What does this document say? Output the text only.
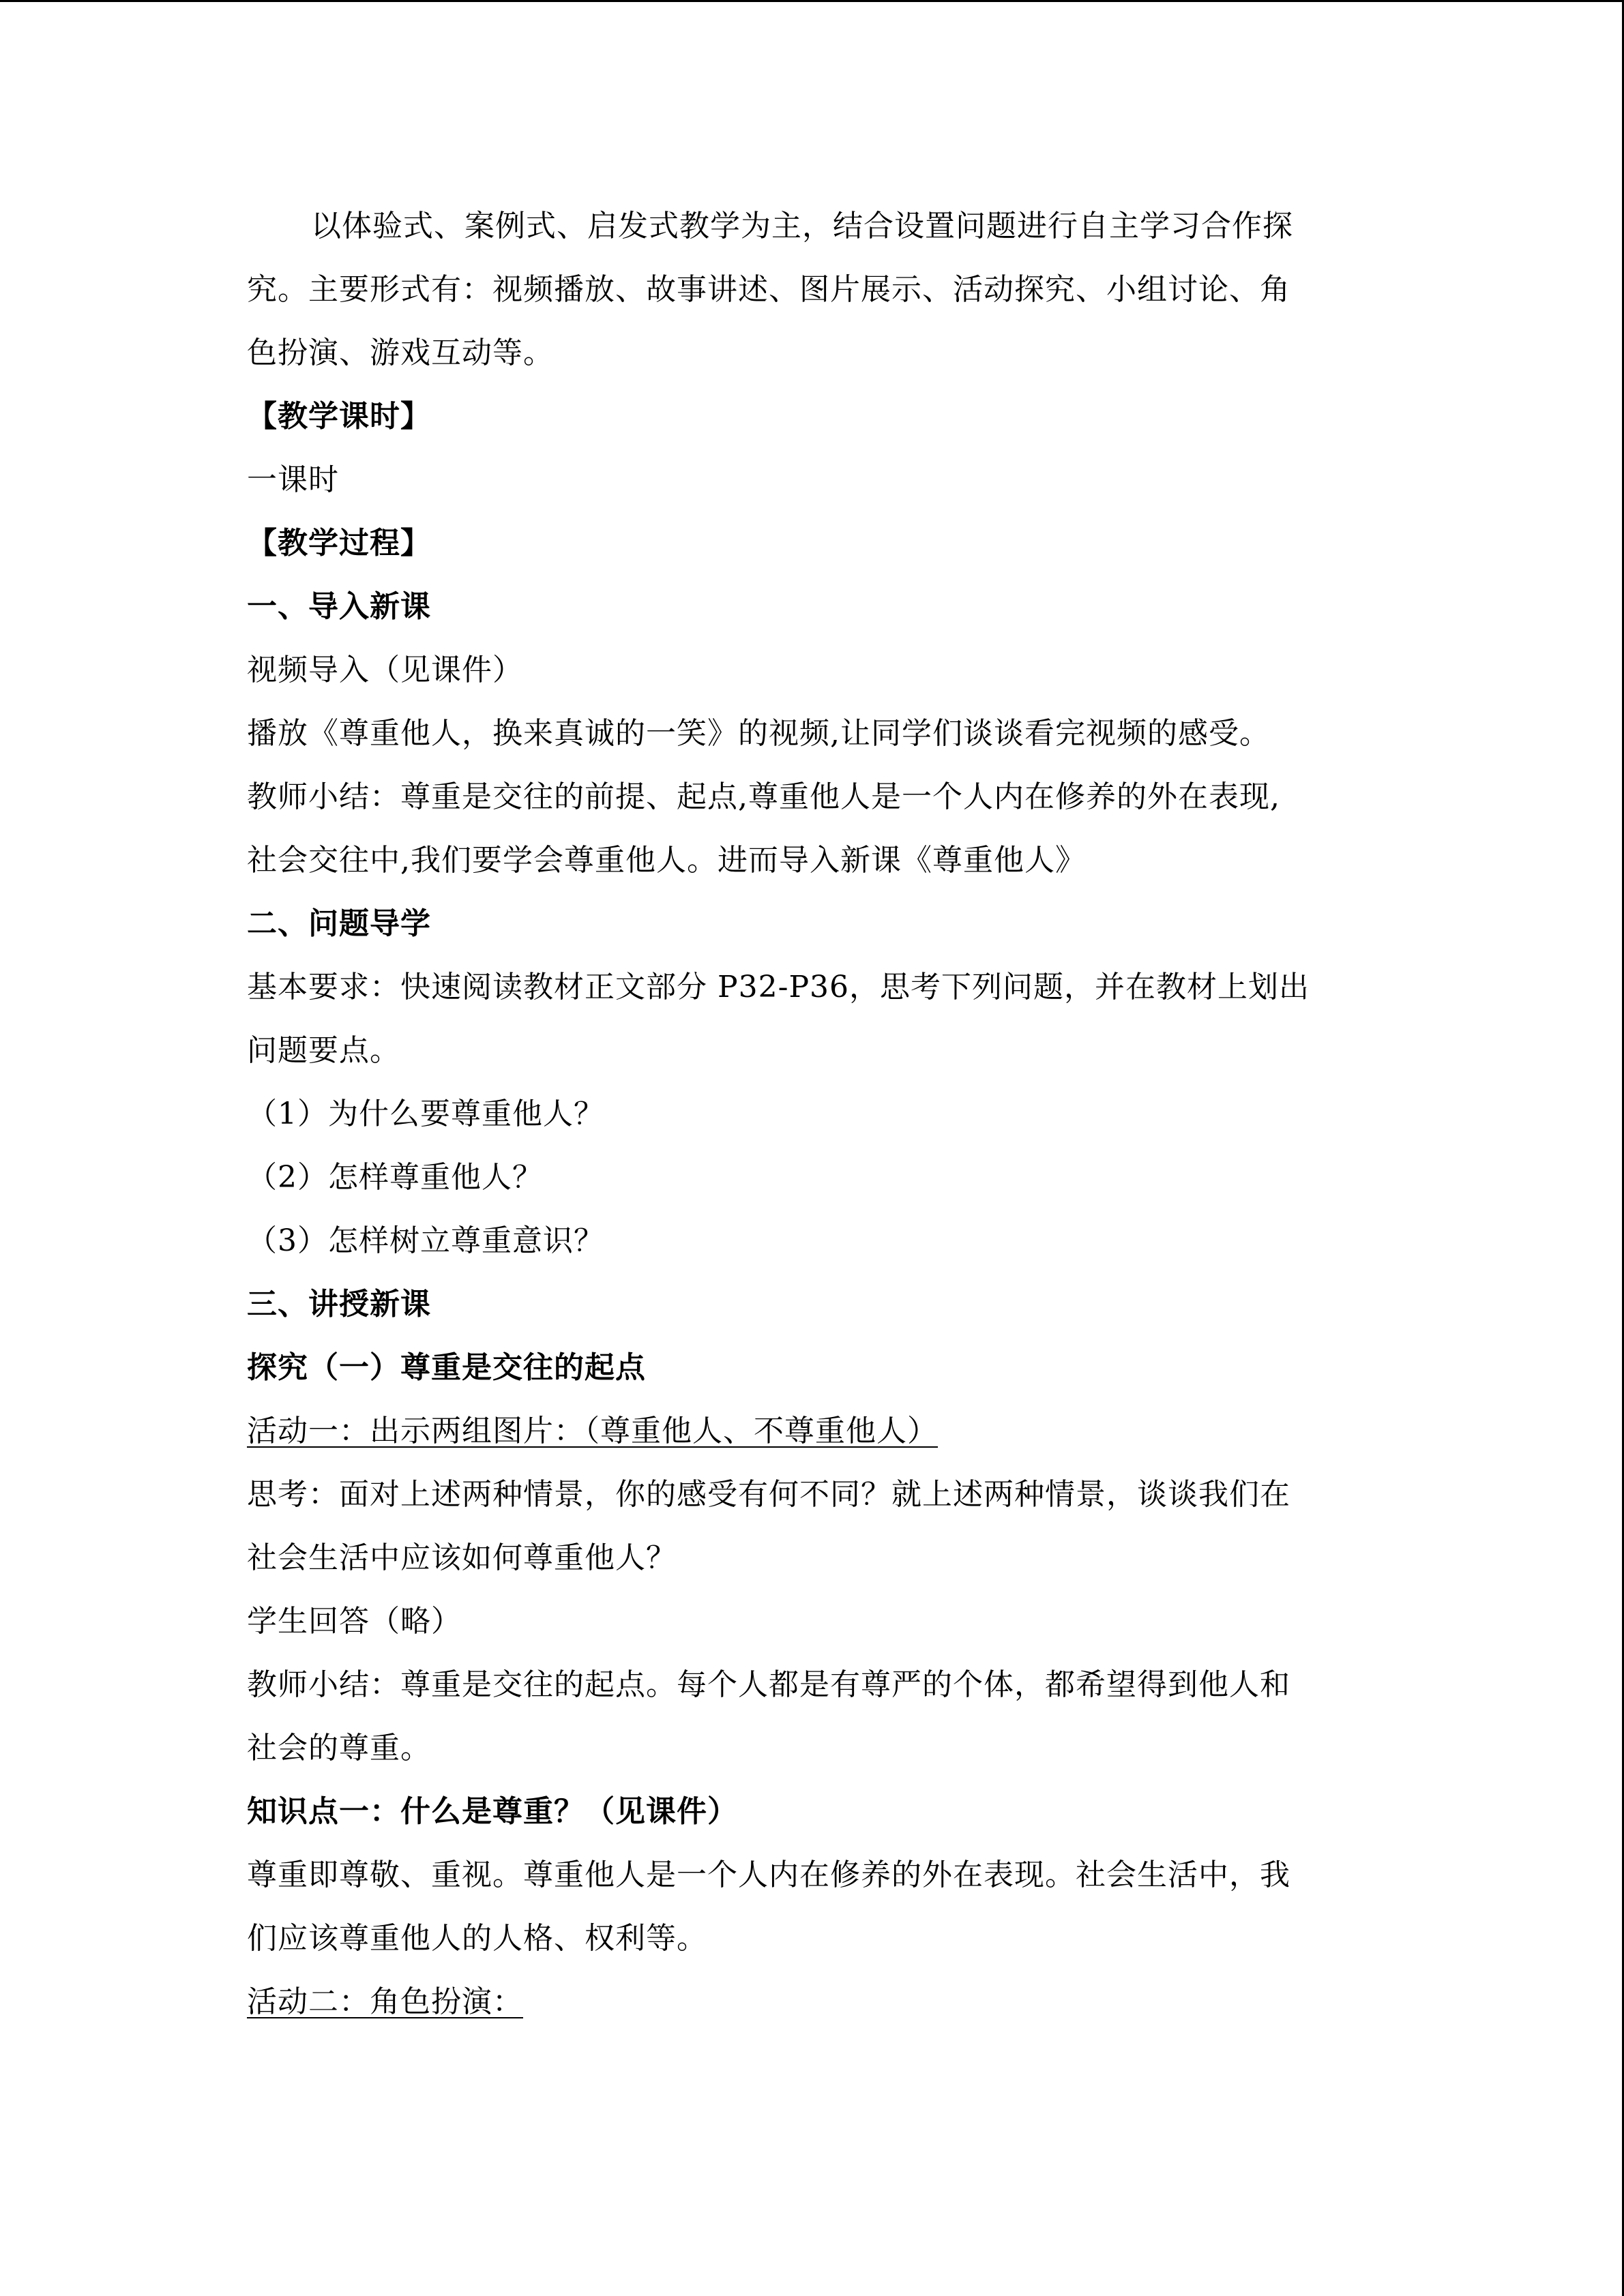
以体验式、案例式、启发式教学为主，结合设置问题进行自主学习合作探
究。主要形式有：视频播放、故事讲述、图片展示、活动探究、小组讨论、角
色扮演、游戏互动等。
【教学课时】
一课时
【教学过程】
一、导入新课
视频导入（见课件）
播放《尊重他人，换来真诚的一笑》的视频,让同学们谈谈看完视频的感受。
教师小结：尊重是交往的前提、起点,尊重他人是一个人内在修养的外在表现,
社会交往中,我们要学会尊重他人。进而导入新课《尊重他人》
二、问题导学
基本要求：快速阅读教材正文部分 P32-P36，思考下列问题，并在教材上划出
问题要点。
（1）为什么要尊重他人？
（2）怎样尊重他人？
（3）怎样树立尊重意识？
三、讲授新课
探究（一）尊重是交往的起点
活动一：出示两组图片：（尊重他人、不尊重他人）
思考：面对上述两种情景，你的感受有何不同？就上述两种情景，谈谈我们在
社会生活中应该如何尊重他人？
学生回答（略）
教师小结：尊重是交往的起点。每个人都是有尊严的个体，都希望得到他人和
社会的尊重。
知识点一：什么是尊重？（见课件）
尊重即尊敬、重视。尊重他人是一个人内在修养的外在表现。社会生活中，我
们应该尊重他人的人格、权利等。
活动二：角色扮演：
